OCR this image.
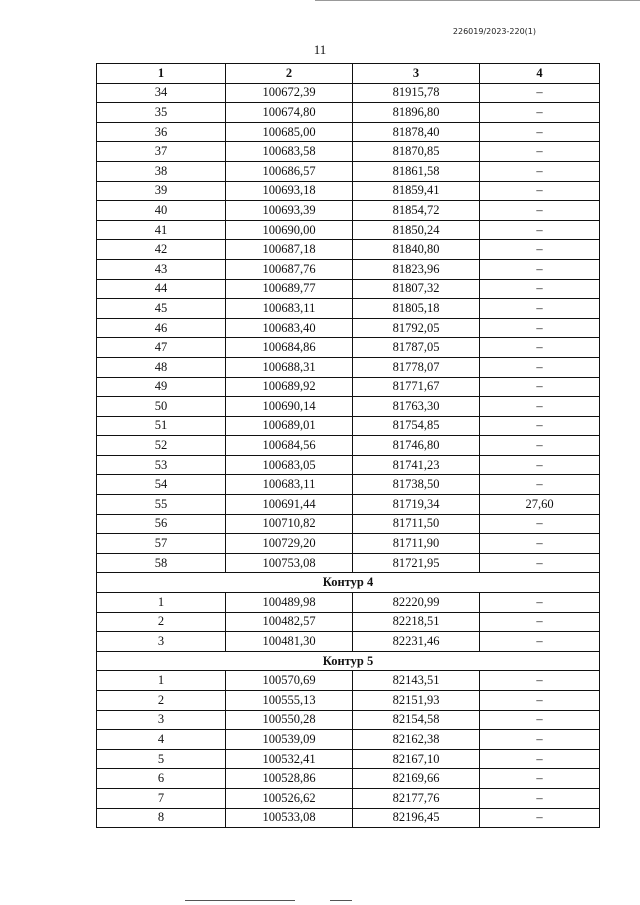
226019/2023-220(1)
11
1	2	3	4
34	100672,39	81915,78	–
35	100674,80	81896,80	–
36	100685,00	81878,40	–
37	100683,58	81870,85	–
38	100686,57	81861,58	–
39	100693,18	81859,41	–
40	100693,39	81854,72	–
41	100690,00	81850,24	–
42	100687,18	81840,80	–
43	100687,76	81823,96	–
44	100689,77	81807,32	–
45	100683,11	81805,18	–
46	100683,40	81792,05	–
47	100684,86	81787,05	–
48	100688,31	81778,07	–
49	100689,92	81771,67	–
50	100690,14	81763,30	–
51	100689,01	81754,85	–
52	100684,56	81746,80	–
53	100683,05	81741,23	–
54	100683,11	81738,50	–
55	100691,44	81719,34	27,60
56	100710,82	81711,50	–
57	100729,20	81711,90	–
58	100753,08	81721,95	–
Контур 4			
1	100489,98	82220,99	–
2	100482,57	82218,51	–
3	100481,30	82231,46	–
Контур 5			
1	100570,69	82143,51	–
2	100555,13	82151,93	–
3	100550,28	82154,58	–
4	100539,09	82162,38	–
5	100532,41	82167,10	–
6	100528,86	82169,66	–
7	100526,62	82177,76	–
8	100533,08	82196,45	–
